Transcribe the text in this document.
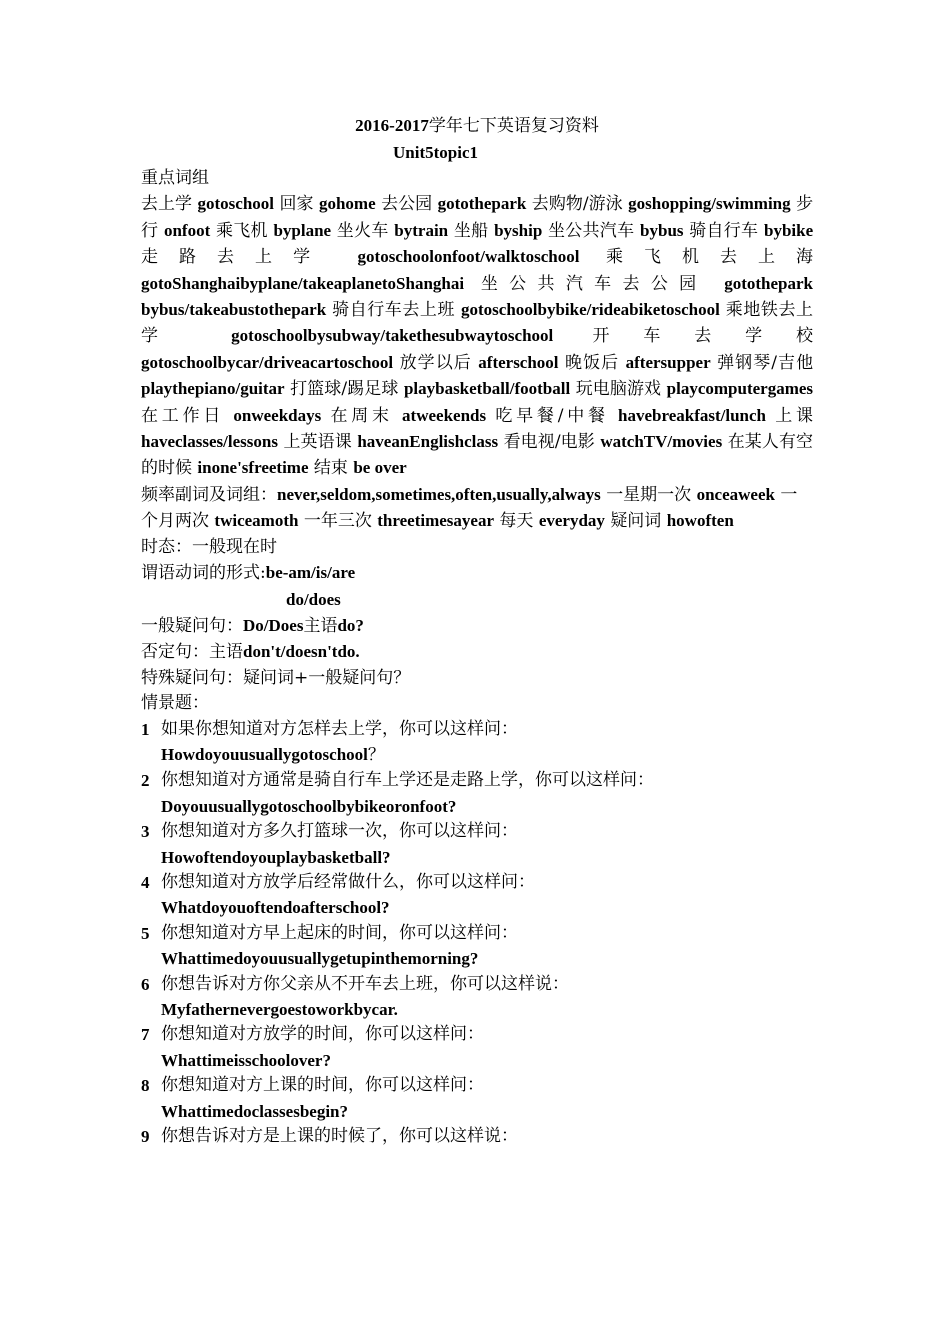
2016-2017学年七下英语复习资料

Unit5topic1

重点词组
去上学 gotoschool 回家 gohome 去公园 gotothepark 去购物/游泳 goshopping/swimming 步行 onfoot 乘飞机 byplane 坐火车 bytrain 坐船 byship 坐公共汽车 bybus 骑自行车 bybike 走路去上学 gotoschoolonfoot/walktoschool 乘飞机去上海 gotoShanghaibyplane/takeaplanetoShanghai 坐公共汽车去公园 gotothepark bybus/takeabustothepark 骑自行车去上班 gotoschoolbybike/rideabiketoschool 乘地铁去上学 gotoschoolbysubway/takethesubwaytoschool 开车去学校 gotoschoolbycar/driveacartoschool 放学以后 afterschool 晚饭后 aftersupper 弹钢琴/吉他 playthepiano/guitar 打篮球/踢足球 playbasketball/football 玩电脑游戏 playcomputergames 在工作日 onweekdays 在周末 atweekends 吃早餐/中餐 havebreakfast/lunch 上课 haveclasses/lessons 上英语课 haveanEnglishclass 看电视/电影 watchTV/movies 在某人有空的时候 inone'sfreetime 结束 be over
频率副词及词组：never,seldom,sometimes,often,usually,always 一星期一次 onceaweek 一个月两次 twiceamoth 一年三次 threetimesayear 每天 everyday 疑问词 howoften
时态：一般现在时
谓语动词的形式:be-am/is/are
do/does
一般疑问句：Do/Does主语do?
否定句：主语don't/doesn'tdo.
特殊疑问句：疑问词+一般疑问句？
情景题：
1 如果你想知道对方怎样去上学，你可以这样问：
Howdoyouusuallygotoschool？
2 你想知道对方通常是骑自行车上学还是走路上学，你可以这样问：
Doyouusuallygotoschoolbybikeoronfoot?
3 你想知道对方多久打篮球一次，你可以这样问：
Howoftendoyouplaybasketball?
4 你想知道对方放学后经常做什么，你可以这样问：
Whatdoyouoftendoafterschool?
5 你想知道对方早上起床的时间，你可以这样问：
Whattimedoyouusuallygetupinthemorning?
6 你想告诉对方你父亲从不开车去上班，你可以这样说：
Myfathernevergoestoworkbycar.
7 你想知道对方放学的时间，你可以这样问：
Whattimeisschoolover?
8 你想知道对方上课的时间，你可以这样问：
Whattimedoclassesbegin?
9 你想告诉对方是上课的时候了，你可以这样说：
